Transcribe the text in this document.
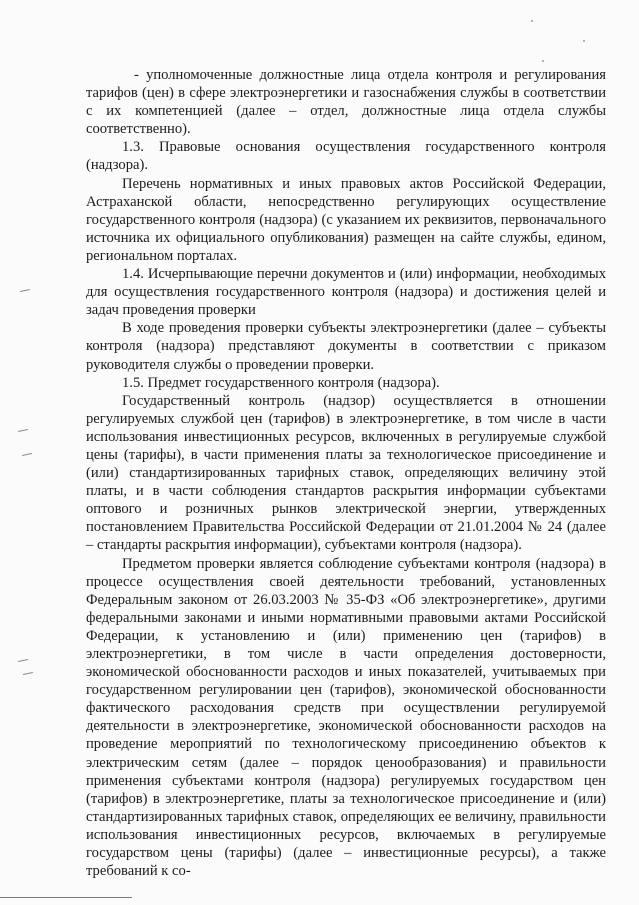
- уполномоченные должностные лица отдела контроля и регулирования тарифов (цен) в сфере электроэнергетики и газоснабжения службы в соответствии с их компетенцией (далее – отдел, должностные лица отдела службы соответственно).

1.3. Правовые основания осуществления государственного контроля (надзора).

Перечень нормативных и иных правовых актов Российской Федерации, Астраханской области, непосредственно регулирующих осуществление государственного контроля (надзора) (с указанием их реквизитов, первоначального источника их официального опубликования) размещен на сайте службы, едином, региональном порталах.

1.4. Исчерпывающие перечни документов и (или) информации, необходимых для осуществления государственного контроля (надзора) и достижения целей и задач проведения проверки

В ходе проведения проверки субъекты электроэнергетики (далее – субъекты контроля (надзора) представляют документы в соответствии с приказом руководителя службы о проведении проверки.

1.5. Предмет государственного контроля (надзора).

Государственный контроль (надзор) осуществляется в отношении регулируемых службой цен (тарифов) в электроэнергетике, в том числе в части использования инвестиционных ресурсов, включенных в регулируемые службой цены (тарифы), в части применения платы за технологическое присоединение и (или) стандартизированных тарифных ставок, определяющих величину этой платы, и в части соблюдения стандартов раскрытия информации субъектами оптового и розничных рынков электрической энергии, утвержденных постановлением Правительства Российской Федерации от 21.01.2004 № 24 (далее – стандарты раскрытия информации), субъектами контроля (надзора).

Предметом проверки является соблюдение субъектами контроля (надзора) в процессе осуществления своей деятельности требований, установленных Федеральным законом от 26.03.2003 № 35-ФЗ «Об электроэнергетике», другими федеральными законами и иными нормативными правовыми актами Российской Федерации, к установлению и (или) применению цен (тарифов) в электроэнергетики, в том числе в части определения достоверности, экономической обоснованности расходов и иных показателей, учитываемых при государственном регулировании цен (тарифов), экономической обоснованности фактического расходования средств при осуществлении регулируемой деятельности в электроэнергетике, экономической обоснованности расходов на проведение мероприятий по технологическому присоединению объектов к электрическим сетям (далее – порядок ценообразования) и правильности применения субъектами контроля (надзора) регулируемых государством цен (тарифов) в электроэнергетике, платы за технологическое присоединение и (или) стандартизированных тарифных ставок, определяющих ее величину, правильности использования инвестиционных ресурсов, включаемых в регулируемые государством цены (тарифы) (далее – инвестиционные ресурсы), а также требований к со-
